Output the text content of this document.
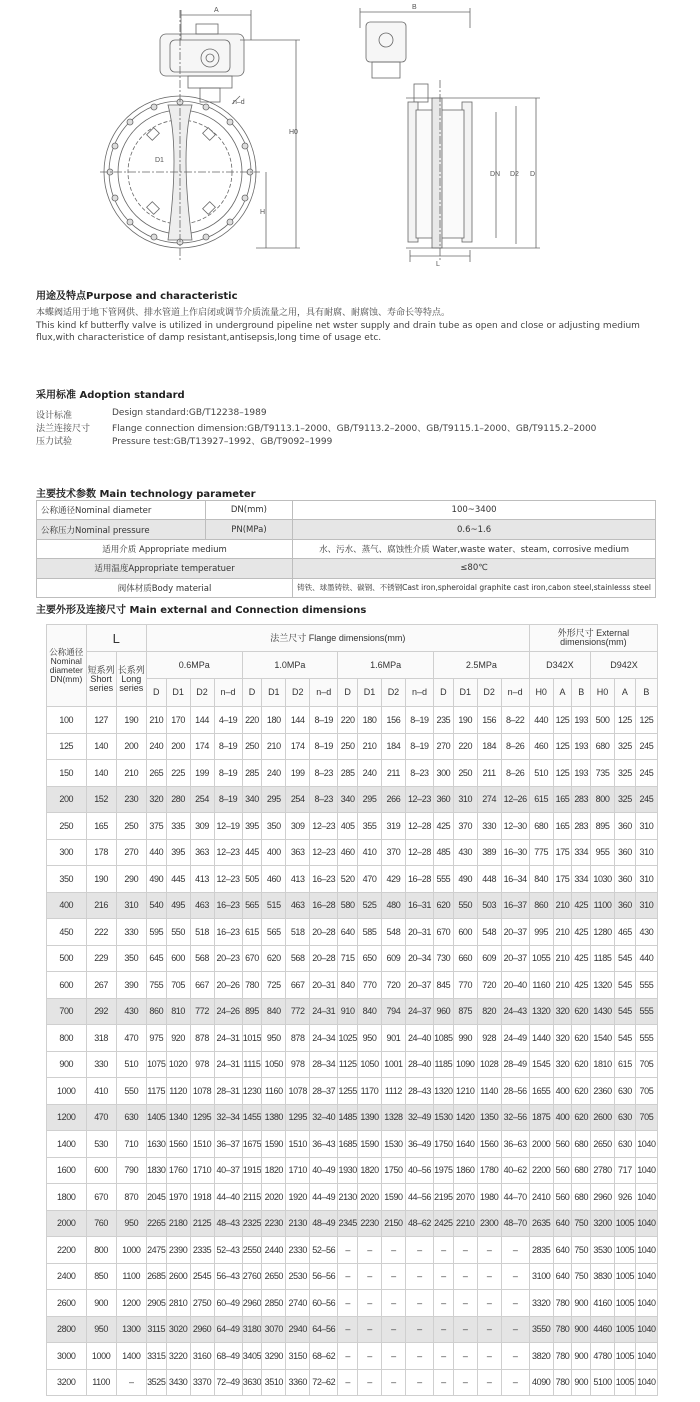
A
n–d
D1
H0
H
B
DN D2 D
L
用途及特点Purpose and characteristic
本蝶阀适用于地下管网供、排水管道上作启闭或调节介质流量之用，具有耐腐、耐腐蚀、寿命长等特点。
This kind kf butterfly valve is utilized in underground pipeline net wster supply and drain tube as open and close or adjusting medium flux,with characteristice of damp resistant,antisepsis,long time of usage etc.
采用标准 Adoption standard
设计标准	Design standard:GB/T12238–1989
法兰连接尺寸	Flange connection dimension:GB/T9113.1–2000、GB/T9113.2–2000、GB/T9115.1–2000、GB/T9115.2–2000
压力试验	Pressure test:GB/T13927–1992、GB/T9092–1999
主要技术参数 Main technology parameter
公称通径Nominal diameter	DN(mm)	100~3400
公称压力Nominal pressure	PN(MPa)	0.6~1.6
适用介质 Appropriate medium		水、污水、蒸气、腐蚀性介质 Water,waste water、steam, corrosive medium
适用温度Appropriate temperatuer		≤80℃
阀体材质Body material		铸铁、球墨铸铁、碳钢、不锈钢Cast iron,spheroidal graphite cast iron,cabon steel,stainlesss steel
主要外形及连接尺寸 Main external and Connection dimensions
公称通径 Nominal diameter DN(mm)	L		法兰尺寸 Flange dimensions(mm)																外形尺寸 External dimensions(mm)					
	短系列 Short series	长系列 Long series	0.6MPa				1.0MPa				1.6MPa				2.5MPa				D342X			D942X		
			D	D1	D2	n–d	D	D1	D2	n–d	D	D1	D2	n–d	D	D1	D2	n–d	H0	A	B	H0	A	B
100	127	190	210	170	144	4–19	220	180	144	8–19	220	180	156	8–19	235	190	156	8–22	440	125	193	500	125	125
125	140	200	240	200	174	8–19	250	210	174	8–19	250	210	184	8–19	270	220	184	8–26	460	125	193	680	325	245
150	140	210	265	225	199	8–19	285	240	199	8–23	285	240	211	8–23	300	250	211	8–26	510	125	193	735	325	245
200	152	230	320	280	254	8–19	340	295	254	8–23	340	295	266	12–23	360	310	274	12–26	615	165	283	800	325	245
250	165	250	375	335	309	12–19	395	350	309	12–23	405	355	319	12–28	425	370	330	12–30	680	165	283	895	360	310
300	178	270	440	395	363	12–23	445	400	363	12–23	460	410	370	12–28	485	430	389	16–30	775	175	334	955	360	310
350	190	290	490	445	413	12–23	505	460	413	16–23	520	470	429	16–28	555	490	448	16–34	840	175	334	1030	360	310
400	216	310	540	495	463	16–23	565	515	463	16–28	580	525	480	16–31	620	550	503	16–37	860	210	425	1100	360	310
450	222	330	595	550	518	16–23	615	565	518	20–28	640	585	548	20–31	670	600	548	20–37	995	210	425	1280	465	430
500	229	350	645	600	568	20–23	670	620	568	20–28	715	650	609	20–34	730	660	609	20–37	1055	210	425	1185	545	440
600	267	390	755	705	667	20–26	780	725	667	20–31	840	770	720	20–37	845	770	720	20–40	1160	210	425	1320	545	555
700	292	430	860	810	772	24–26	895	840	772	24–31	910	840	794	24–37	960	875	820	24–43	1320	320	620	1430	545	555
800	318	470	975	920	878	24–31	1015	950	878	24–34	1025	950	901	24–40	1085	990	928	24–49	1440	320	620	1540	545	555
900	330	510	1075	1020	978	24–31	1115	1050	978	28–34	1125	1050	1001	28–40	1185	1090	1028	28–49	1545	320	620	1810	615	705
1000	410	550	1175	1120	1078	28–31	1230	1160	1078	28–37	1255	1170	1112	28–43	1320	1210	1140	28–56	1655	400	620	2360	630	705
1200	470	630	1405	1340	1295	32–34	1455	1380	1295	32–40	1485	1390	1328	32–49	1530	1420	1350	32–56	1875	400	620	2600	630	705
1400	530	710	1630	1560	1510	36–37	1675	1590	1510	36–43	1685	1590	1530	36–49	1750	1640	1560	36–63	2000	560	680	2650	630	1040
1600	600	790	1830	1760	1710	40–37	1915	1820	1710	40–49	1930	1820	1750	40–56	1975	1860	1780	40–62	2200	560	680	2780	717	1040
1800	670	870	2045	1970	1918	44–40	2115	2020	1920	44–49	2130	2020	1590	44–56	2195	2070	1980	44–70	2410	560	680	2960	926	1040
2000	760	950	2265	2180	2125	48–43	2325	2230	2130	48–49	2345	2230	2150	48–62	2425	2210	2300	48–70	2635	640	750	3200	1005	1040
2200	800	1000	2475	2390	2335	52–43	2550	2440	2330	52–56	–	–	–	–	–	–	–	–	2835	640	750	3530	1005	1040
2400	850	1100	2685	2600	2545	56–43	2760	2650	2530	56–56	–	–	–	–	–	–	–	–	3100	640	750	3830	1005	1040
2600	900	1200	2905	2810	2750	60–49	2960	2850	2740	60–56	–	–	–	–	–	–	–	–	3320	780	900	4160	1005	1040
2800	950	1300	3115	3020	2960	64–49	3180	3070	2940	64–56	–	–	–	–	–	–	–	–	3550	780	900	4460	1005	1040
3000	1000	1400	3315	3220	3160	68–49	3405	3290	3150	68–62	–	–	–	–	–	–	–	–	3820	780	900	4780	1005	1040
3200	1100	–	3525	3430	3370	72–49	3630	3510	3360	72–62	–	–	–	–	–	–	–	–	4090	780	900	5100	1005	1040
